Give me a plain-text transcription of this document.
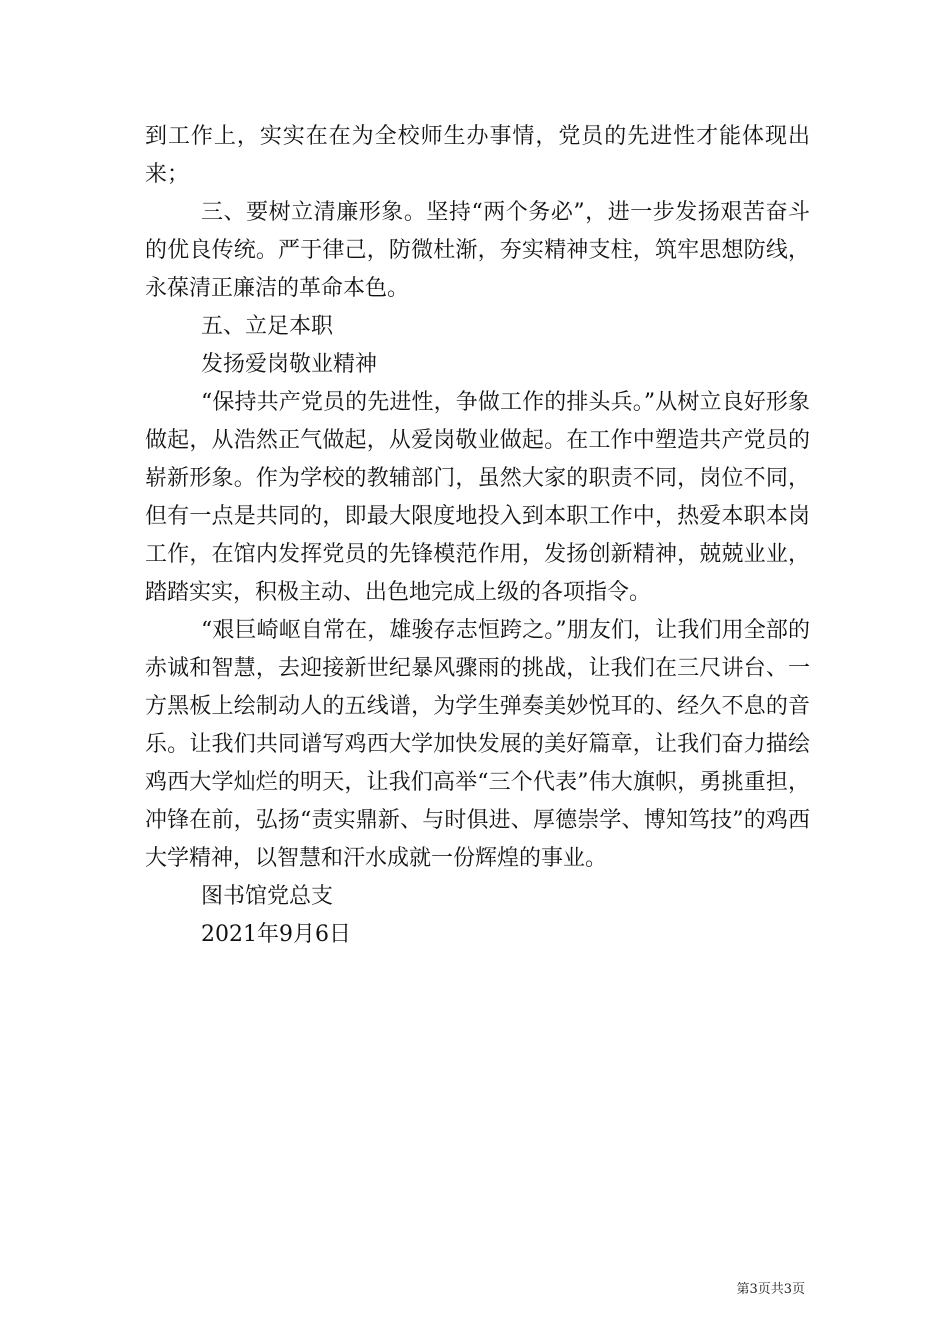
到工作上，实实在在为全校师生办事情，党员的先进性才能体现出来；

三、要树立清廉形象。坚持“两个务必”，进一步发扬艰苦奋斗的优良传统。严于律己，防微杜渐，夯实精神支柱，筑牢思想防线，永葆清正廉洁的革命本色。

五、立足本职

发扬爱岗敬业精神

“保持共产党员的先进性，争做工作的排头兵。”从树立良好形象做起，从浩然正气做起，从爱岗敬业做起。在工作中塑造共产党员的崭新形象。作为学校的教辅部门，虽然大家的职责不同，岗位不同，但有一点是共同的，即最大限度地投入到本职工作中，热爱本职本岗工作，在馆内发挥党员的先锋模范作用，发扬创新精神，兢兢业业，踏踏实实，积极主动、出色地完成上级的各项指令。

“艰巨崎岖自常在，雄骏存志恒跨之。”朋友们，让我们用全部的赤诚和智慧，去迎接新世纪暴风骤雨的挑战，让我们在三尺讲台、一方黑板上绘制动人的五线谱，为学生弹奏美妙悦耳的、经久不息的音乐。让我们共同谱写鸡西大学加快发展的美好篇章，让我们奋力描绘鸡西大学灿烂的明天，让我们高举“三个代表”伟大旗帜，勇挑重担，冲锋在前，弘扬“责实鼎新、与时俱进、厚德崇学、博知笃技”的鸡西大学精神，以智慧和汗水成就一份辉煌的事业。

图书馆党总支

2021年9月6日

第3页共3页
